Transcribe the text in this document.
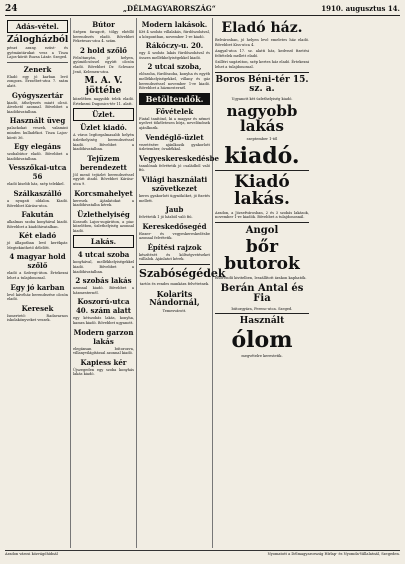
24	„DÉLMAGYARORSZÁG“	1910. augusztus 14.
Adás-vétel.
Zálogházból

pénzt arany, ezüst- és gyémántárukat vesz a Tisza Lajos-körút Ruzsa Lázár. Szeged.

Zenerk

Eladó egy jó karban levő zongora. Erzsébet-utca 7. szám alatt.

Gyógyszertár

kiadó, áthelyezés miatt olcsó. Átvehető azonnal. Bővebbet a kiadóhivatalban.

Használt üveg

palackokat veszek, valamint minden hulladékot. Tisza Lajos-körút 36.

Egy elegáns

szobabútor eladó. Bővebbet a kiadóhivatalban.

Vesszőkai-utca 56

eladó kisebb ház, szép telekkel.

Szálkaszálló

a nyugati oldalon. Kiadó. Bővebbet Kárász-utca.

Fakután

alkalmas szoba konyhával kiadó. Bővebbet a kiadóhivatalban.

Két eladó

jó állapotban levő kerékpár. Megtekinthető délelőtt.

4 magyar hold szőlő

eladó a Szőregi-úton. Értekezni lehet a tulajdonossal.

Egy jó karban

levő kávéház berendezése olcsón eladó.

Keresek

Ismertető: Radavarnos iskolakönyveket veszek.

Bútor

Szépen faragott, tölgy ebédlő berendezés eladó. Bővebbet Feketesas-utca 4. szám.

2 hold szőlő

Felsőtanyán, jó helyen, gyümölcsössel együtt olcsón eladó. Bővebbet Dr. Schwarz Jenő, Kelemen-utca.

M. A. V. jöttéhe

közelében nagyobb telek eladó. Értekezni Dugonics-tér 11. alatt.

Üzlet.
Üzlet kiadó.

A város legforgalmasabb helyén üzlethelyiség berendezéssel kiadó. Bővebbet a kiadóhivatalban.

Tejüzem berendezett

Jól menő tejüzlet berendezéssel együtt átadó. Bővebbet Kárász-utca 9.

Korcsmahelyet

keresek. Ajánlatokat a kiadóhivatalba kérek.

Üzlethelyiség

Kossuth Lajos-sugárúton, a piac közelében, üzlethelyiség azonnal kiadó.

Lakás.
4 utcai szoba

konyhával, mellékhelyiségekkel kiadó. Bővebbet a kiadóhivatalban.

2 szobás lakás

azonnal kiadó. Bővebbet a házmesternél.

Koszorú-utca 40. szám alatt

egy kétszobás lakás, konyha, kamra kiadó. Bővebbet ugyanott.

Modern garzon lakás

elegánsan bútorozva, villanyvilágítással azonnal kiadó.

Kapiess kér

Újszegeden egy szoba konyhás lakás kiadó.

Modern lakások.

Két 4 szobás villalakás, fürdőszobával, a központban, november 1-re kiadó.

Rákóczy-u. 20.

egy 4 szobás lakás fürdőszobával és összes mellékhelyiségekkel kiadó.

2 utcai szoba,

előszoba, fürdőszoba, konyha és egyéb mellékhelyiségekkel, villany és gáz berendezéssel november 1-re kiadó. Bővebbet a házmesternél.

Betöltendők.
Fővételek

Fiatal tanítónő, ki a magyar és német nyelvet tökéletesen bírja, nevelőnőnek ajánlkozik.

Vendéglő-üzlet

vezetésére ajánlkozik gyakorlott üzletember, óvadékkal.

Vegyeskereskedésbe

tanulónak felvétetik jó családból való fiú.

Világi használati szövetkezet

keres gyakorlott ügynököket, jó fizetés mellett.

Jaub

felvétetik 1 jó házból való fiú.

Kereskedősegéd

fűszer- és vegyeskereskedésbe azonnal felvétetik.

Építési rajzok

készítését és költségvetéseket vállalok. Ajánlatot kérek.

Szabóségédek

tartós és rendes munkára felvétetnek.

Kolarits Nándornál,

Temesvárott.

Eladó ház.

Belvárosban, jó helyen levő emeletes ház eladó. Bővebbet Kiss-utca 4.

Angyal-utca 17. sz. alatti ház, kedvező fizetési feltételek mellett eladó.

Szilléri sugárúton, szép kertes ház eladó. Értekezni lehet a tulajdonossal.

Boros Béni-tér 15. sz. a.

Ugyanott két üzlethelyiség kiadó.

nagyobb lakás

szeptember 1-től

kiadó.
Kiadó lakás.

Aradon, a Józsefvárosban, 2 és 3 szobás lakások, november 1-re kiadók. Bővebbet a tulajdonosnál.

Angol
bőr butorok

elsőrendű kivitelben, leszállított árakon kaphatók.

Berán Antal és Fia

bútorgyára, Ferenc-utca. Szeged.

Használt
ólom

megvételre kerestetik.

Aradon városi közvágóhídnál	Nyomatott a Délmagyarország Hírlap- és Nyomda-Vállalatnál, Szegeden.
